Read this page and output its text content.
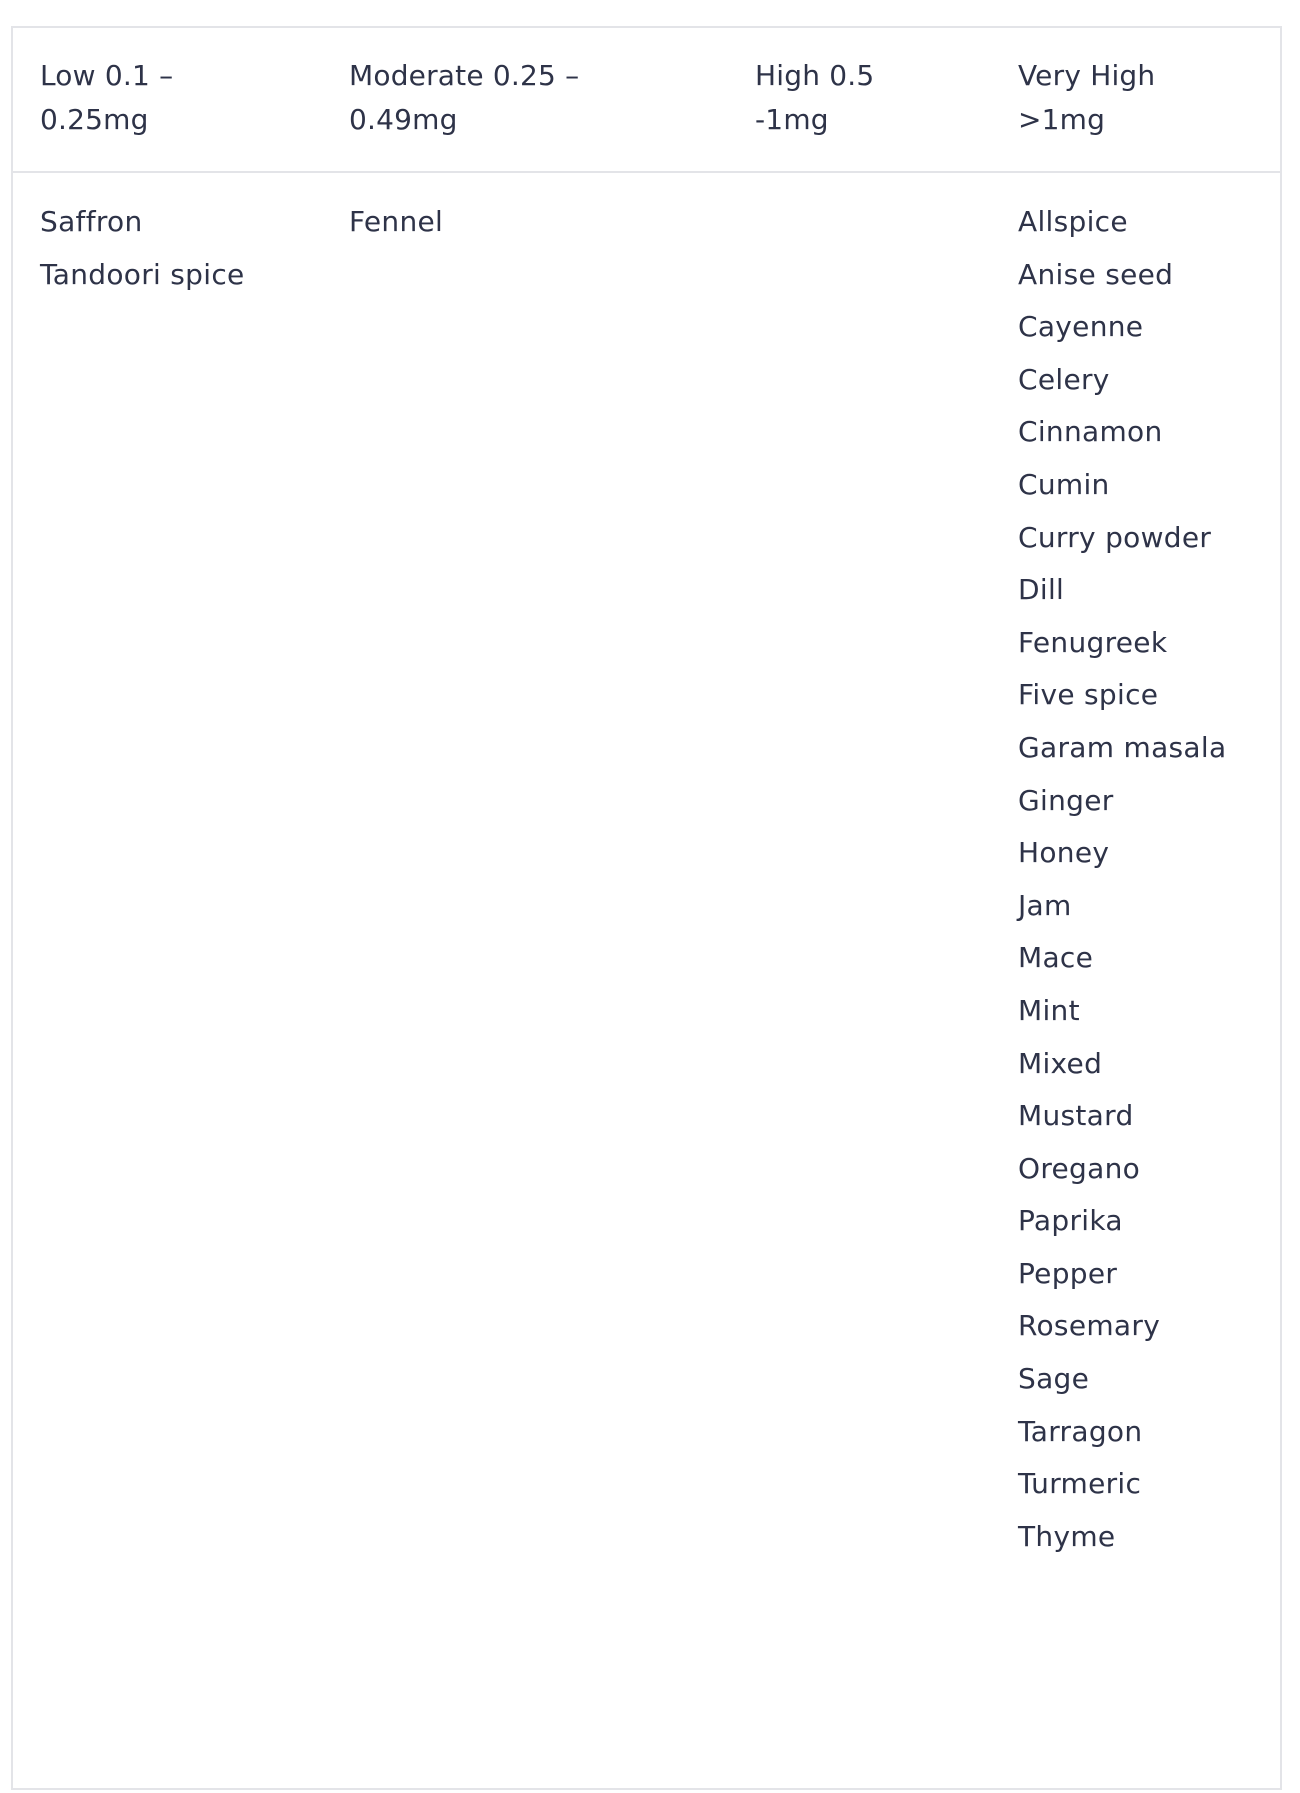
Low 0.1 –
0.25mg
Moderate 0.25 –
0.49mg
High 0.5
-1mg
Very High
>1mg
Saffron
Tandoori spice
Fennel	Allspice
Anise seed
Cayenne
Celery
Cinnamon
Cumin
Curry powder
Dill
Fenugreek
Five spice
Garam masala
Ginger
Honey
Jam
Mace
Mint
Mixed
Mustard
Oregano
Paprika
Pepper
Rosemary
Sage
Tarragon
Turmeric
Thyme
